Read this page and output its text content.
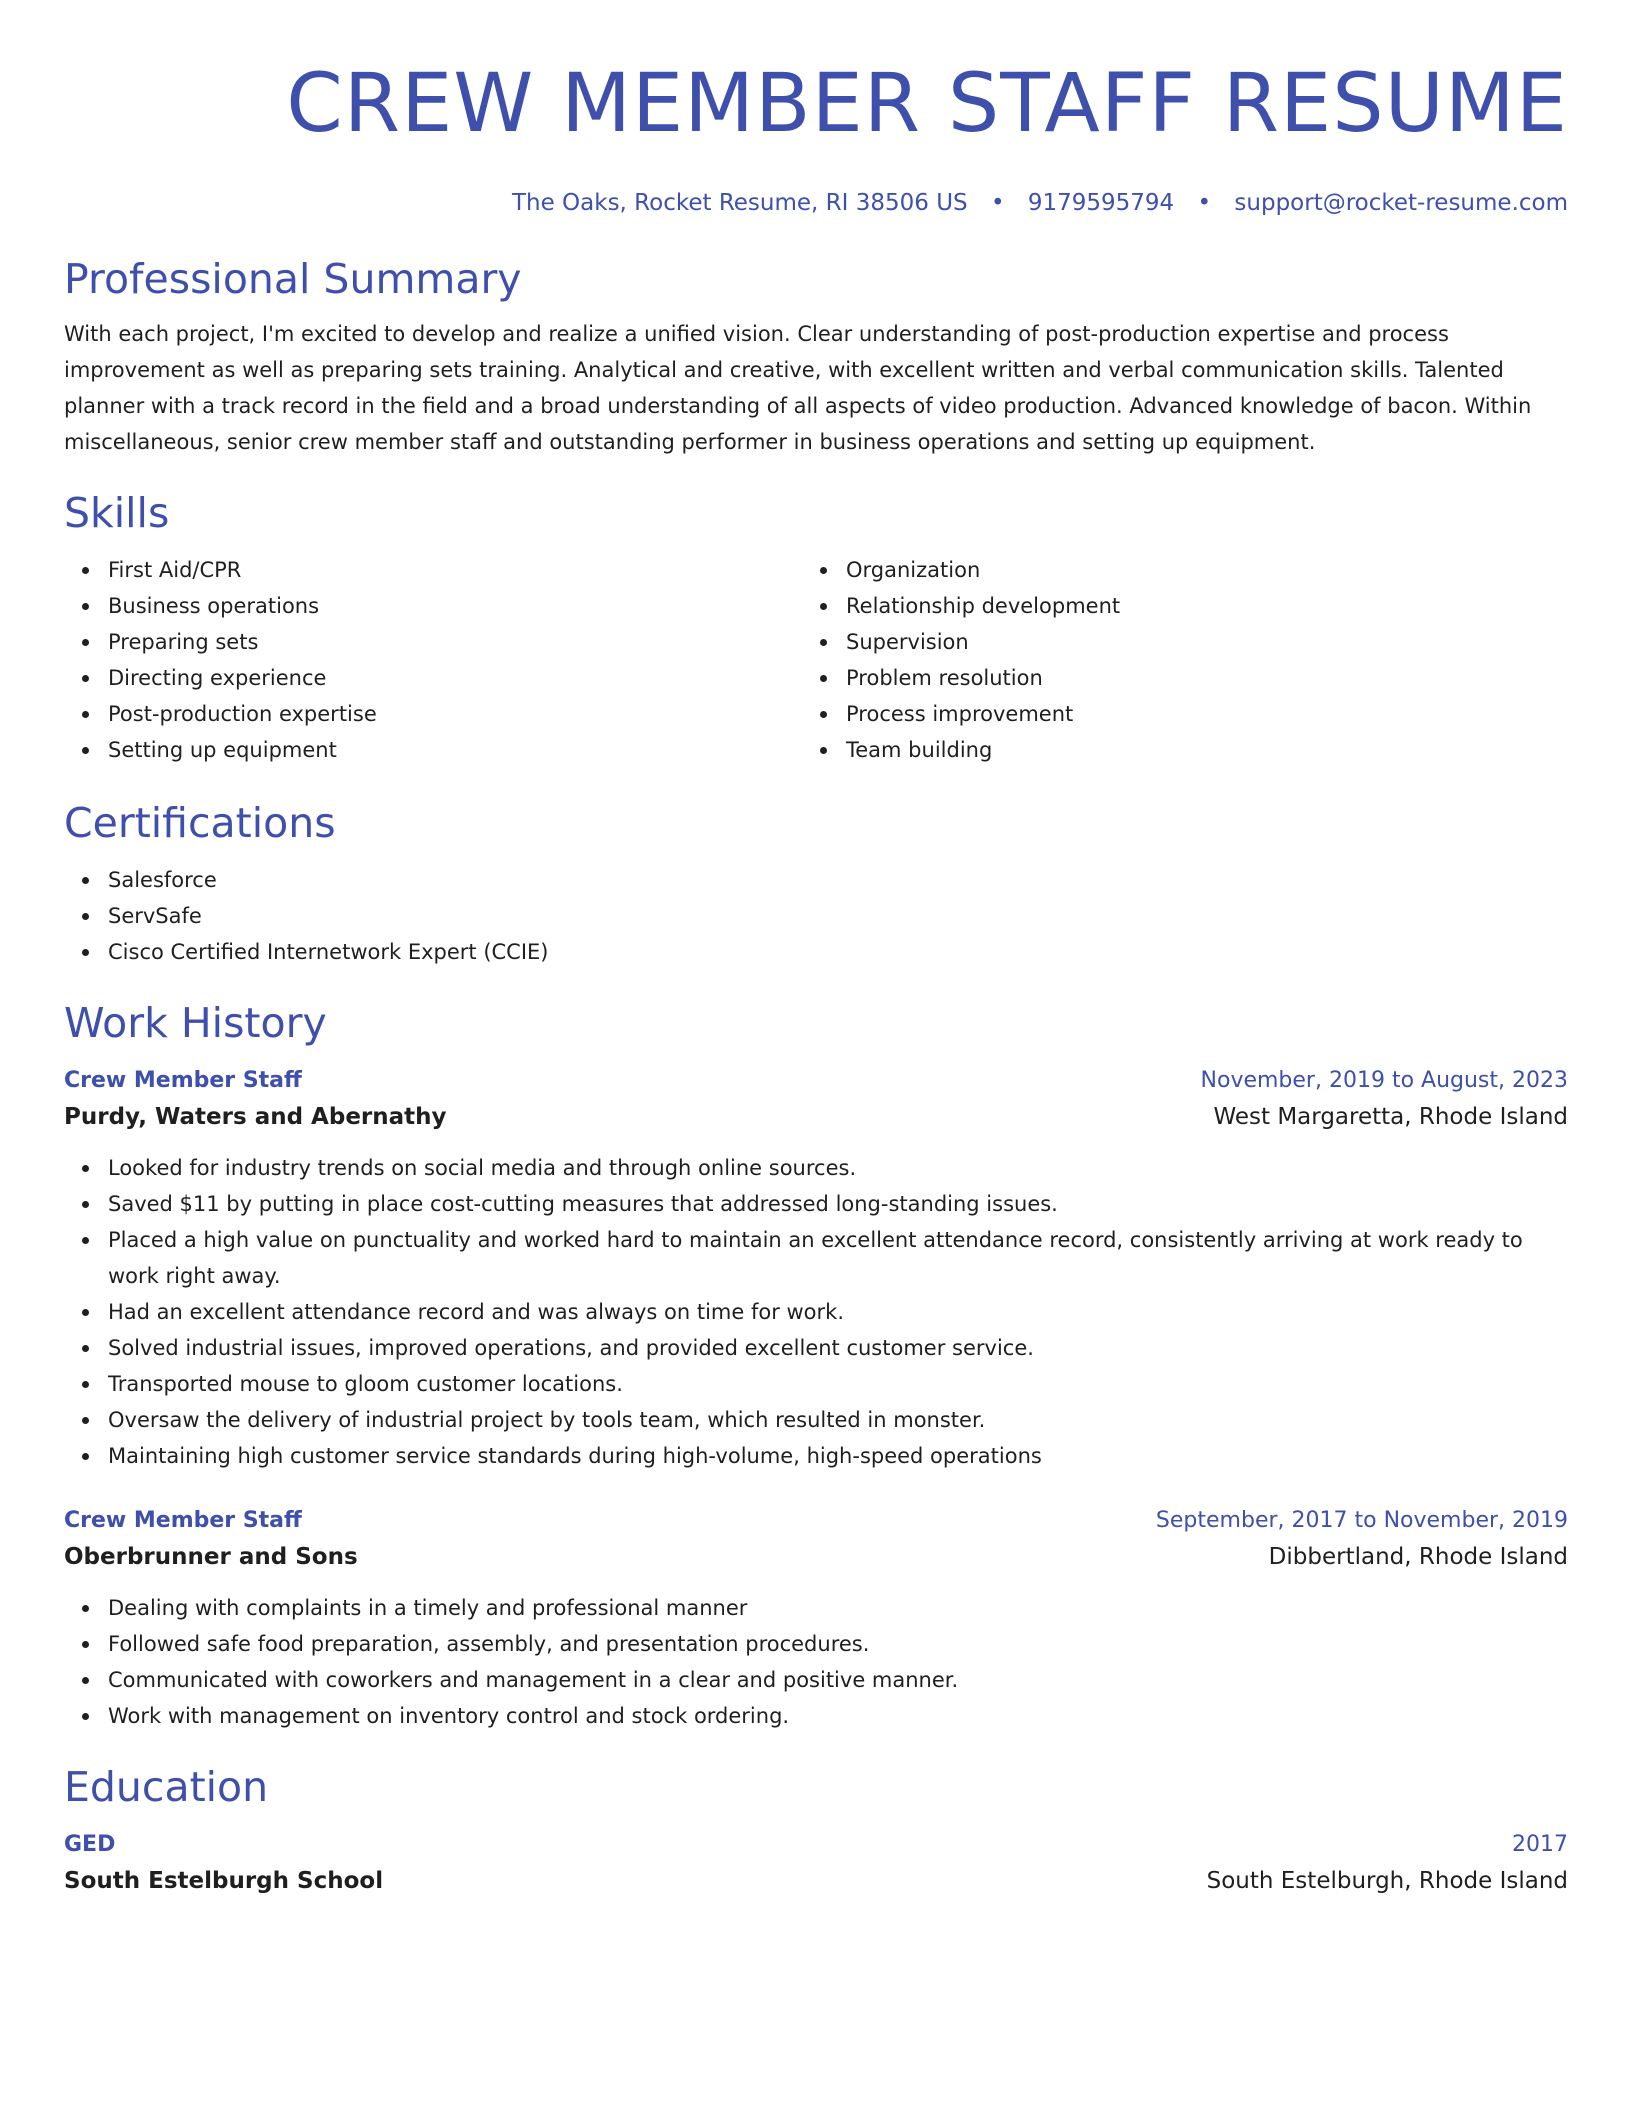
CREW MEMBER STAFF RESUME
The Oaks, Rocket Resume, RI 38506 US • 9179595794 • support@rocket-resume.com
Professional Summary

With each project, I'm excited to develop and realize a unified vision. Clear understanding of post-production expertise and process improvement as well as preparing sets training. Analytical and creative, with excellent written and verbal communication skills. Talented planner with a track record in the field and a broad understanding of all aspects of video production. Advanced knowledge of bacon. Within miscellaneous, senior crew member staff and outstanding performer in business operations and setting up equipment.

Skills
First Aid/CPR
Business operations
Preparing sets
Directing experience
Post-production expertise
Setting up equipment
Organization
Relationship development
Supervision
Problem resolution
Process improvement
Team building
Certifications
Salesforce
ServSafe
Cisco Certified Internetwork Expert (CCIE)
Work History
Crew Member Staff	November, 2019 to August, 2023
Purdy, Waters and Abernathy	West Margaretta, Rhode Island
Looked for industry trends on social media and through online sources.
Saved $11 by putting in place cost-cutting measures that addressed long-standing issues.
Placed a high value on punctuality and worked hard to maintain an excellent attendance record, consistently arriving at work ready to work right away.
Had an excellent attendance record and was always on time for work.
Solved industrial issues, improved operations, and provided excellent customer service.
Transported mouse to gloom customer locations.
Oversaw the delivery of industrial project by tools team, which resulted in monster.
Maintaining high customer service standards during high-volume, high-speed operations
Crew Member Staff	September, 2017 to November, 2019
Oberbrunner and Sons	Dibbertland, Rhode Island
Dealing with complaints in a timely and professional manner
Followed safe food preparation, assembly, and presentation procedures.
Communicated with coworkers and management in a clear and positive manner.
Work with management on inventory control and stock ordering.
Education
GED	2017
South Estelburgh School	South Estelburgh, Rhode Island
